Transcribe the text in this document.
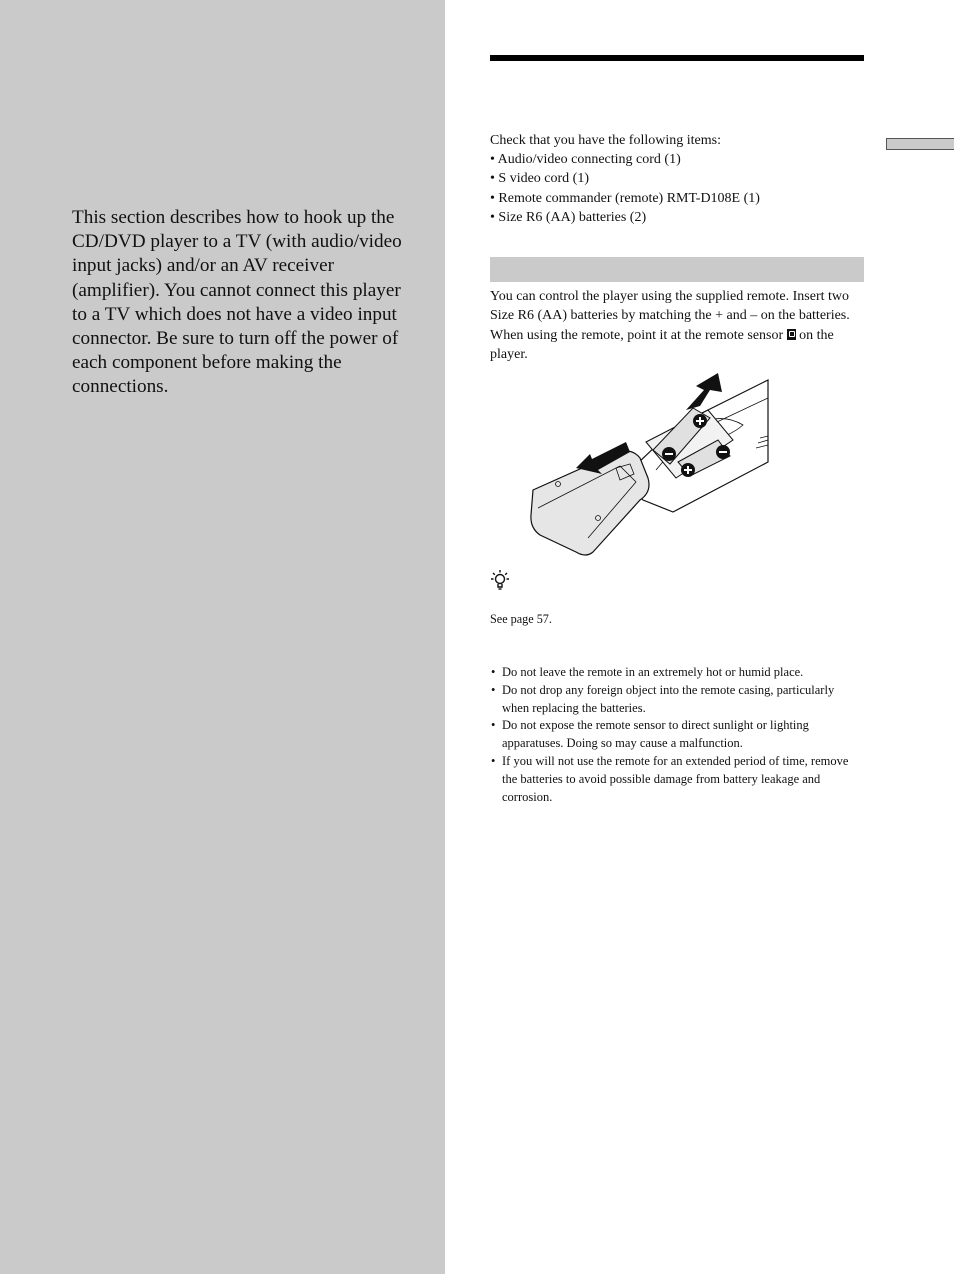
This section describes how to hook up the CD/DVD player to a TV (with audio/video input jacks) and/or an AV receiver (amplifier). You cannot connect this player to a TV which does not have a video input connector. Be sure to turn off the power of each component before making the connections.

Check that you have the following items:

• Audio/video connecting cord (1)
• S video cord (1)
• Remote commander (remote) RMT-D108E (1)
• Size R6 (AA) batteries (2)

You can control the player using the supplied remote. Insert two Size R6 (AA) batteries by matching the + and – on the batteries. When using the remote, point it at the remote sensor  on the player.

See page 57.

• Do not leave the remote in an extremely hot or humid place.
• Do not drop any foreign object into the remote casing, particularly when replacing the batteries.
• Do not expose the remote sensor to direct sunlight or lighting apparatuses. Doing so may cause a malfunction.
• If you will not use the remote for an extended period of time, remove the batteries to avoid possible damage from battery leakage and corrosion.
